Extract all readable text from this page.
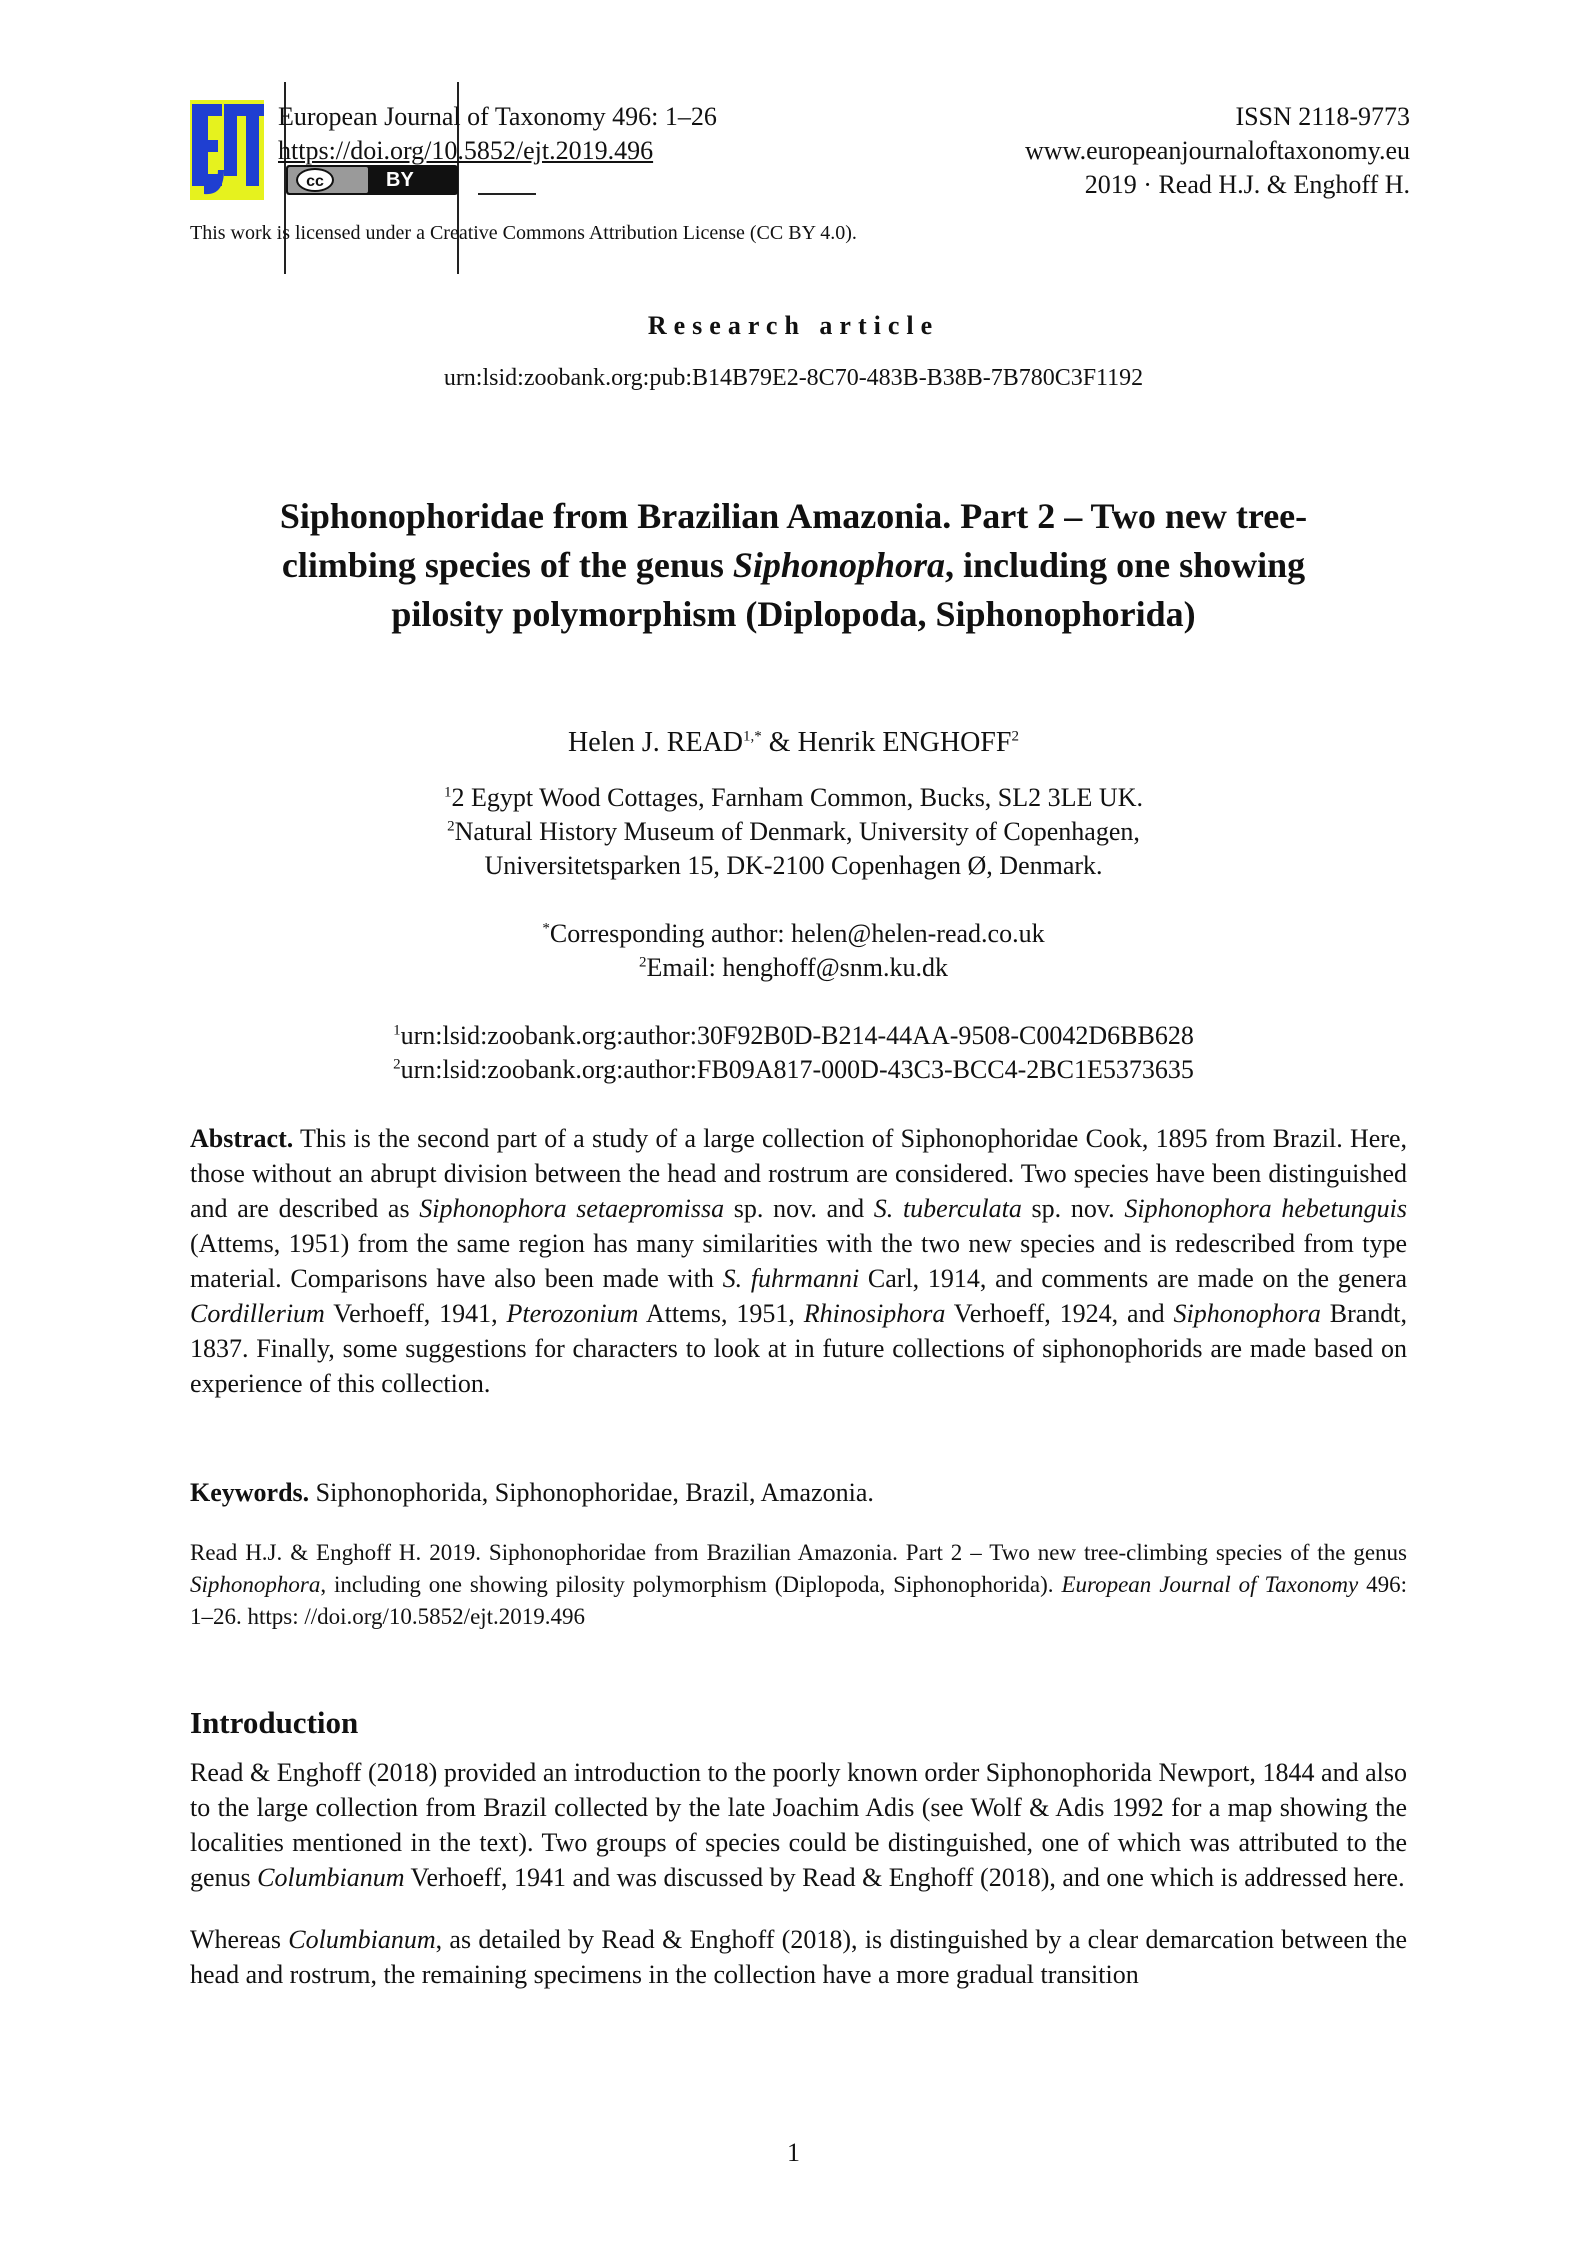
European Journal of Taxonomy 496: 1–26
https://doi.org/10.5852/ejt.2019.496
cc	BY
ISSN 2118-9773
www.europeanjournaloftaxonomy.eu
2019 · Read H.J. & Enghoff H.
This work is licensed under a Creative Commons Attribution License (CC BY 4.0).
Research article
urn:lsid:zoobank.org:pub:B14B79E2-8C70-483B-B38B-7B780C3F1192
Siphonophoridae from Brazilian Amazonia. Part 2 – Two new tree-
climbing species of the genus Siphonophora, including one showing
pilosity polymorphism (Diplopoda, Siphonophorida)
Helen J. $READ^{1,*}$ & Henrik ENGHOFF$^2$
$^1$2 Egypt Wood Cottages, Farnham Common, Bucks, SL2 3LE UK.
$^2$Natural History Museum of Denmark, University of Copenhagen,
Universitetsparken 15, DK-2100 Copenhagen Ø, Denmark.
*Corresponding author: helen@helen-read.co.uk
$^2$Email: henghoff@snm.ku.dk
$^1$urn:lsid:zoobank.org:author:30F92B0D-B214-44AA-9508-C0042D6BB628
$^2$urn:lsid:zoobank.org:author:FB09A817-000D-43C3-BCC4-2BC1E5373635
Abstract. This is the second part of a study of a large collection of Siphonophoridae Cook, 1895 from Brazil. Here, those without an abrupt division between the head and rostrum are considered. Two species have been distinguished and are described as Siphonophora setaepromissa sp. nov. and S. tuberculata sp. nov. Siphonophora hebetunguis (Attems, 1951) from the same region has many similarities with the two new species and is redescribed from type material. Comparisons have also been made with S. fuhrmanni Carl, 1914, and comments are made on the genera Cordillerium Verhoeff, 1941, Pterozonium Attems, 1951, Rhinosiphora Verhoeff, 1924, and Siphonophora Brandt, 1837. Finally, some suggestions for characters to look at in future collections of siphonophorids are made based on experience of this collection.
Keywords. Siphonophorida, Siphonophoridae, Brazil, Amazonia.
Read H.J. & Enghoff H. 2019. Siphonophoridae from Brazilian Amazonia. Part 2 – Two new tree-climbing species of the genus Siphonophora, including one showing pilosity polymorphism (Diplopoda, Siphonophorida). European Journal of Taxonomy 496: 1–26. https: //doi.org/10.5852/ejt.2019.496
Introduction
Read & Enghoff (2018) provided an introduction to the poorly known order Siphonophorida Newport, 1844 and also to the large collection from Brazil collected by the late Joachim Adis (see Wolf & Adis 1992 for a map showing the localities mentioned in the text). Two groups of species could be distinguished, one of which was attributed to the genus Columbianum Verhoeff, 1941 and was discussed by Read & Enghoff (2018), and one which is addressed here.
Whereas Columbianum, as detailed by Read & Enghoff (2018), is distinguished by a clear demarcation between the head and rostrum, the remaining specimens in the collection have a more gradual transition
1
